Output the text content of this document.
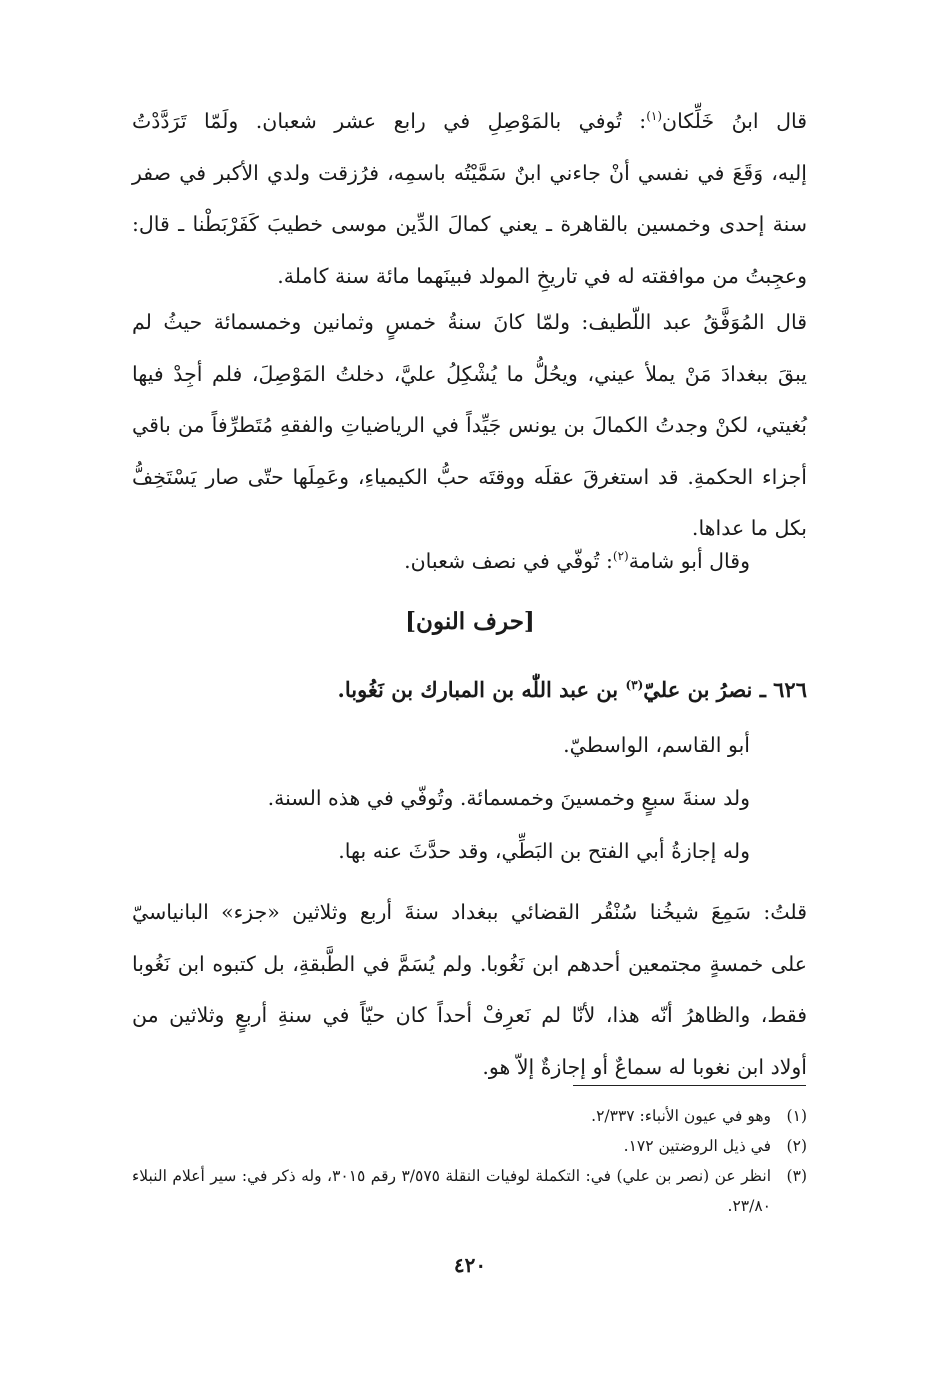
قال ابنُ خَلِّكان$^{(١)}$: تُوفي بالمَوْصِلِ في رابع عشر شعبان. ولَمّا تَرَدَّدْتُ
إليه، وَقَعَ في نفسي أنْ جاءني ابنٌ سَمَّيْتُه باسمِه، فرُزقت ولدي الأكبر في صفر
سنة إحدى وخمسين بالقاهرة ـ يعني كمالَ الدِّين موسى خطيبَ كَفَرْبَطْنا ـ قال:
وعجِبتُ من موافقته له في تاريخِ المولد فبينَهما مائة سنة كاملة.
قال المُوَفَّقُ عبد اللّطيف: ولمّا كانَ سنةُ خمسٍ وثمانين وخمسمائة حيثُ لم
يبقَ ببغدادَ مَنْ يملأ عيني، ويحُلُّ ما يُشْكِلُ عليَّ، دخلتُ المَوْصِلَ، فلم أجِدْ فيها
بُغيتي، لكنْ وجدتُ الكمالَ بن يونس جَيِّداً في الرياضياتِ والفقهِ مُتَطرِّفاً من باقي
أجزاء الحكمةِ. قد استغرقَ عقلَه ووقتَه حبُّ الكيمياءِ، وعَمِلَها حتّى صار يَسْتَخِفُّ
بكل ما عداها.
وقال أبو شامة$^{(٢)}$: تُوفّي في نصف شعبان.
[حرف النون]
٦٢٦ ـ نصرُ بن عليّ$^{(٣)}$ بن عبد اللّٰه بن المبارك بن نَغُوبا.
أبو القاسم، الواسطيّ.
ولد سنةَ سبعٍ وخمسينَ وخمسمائة. وتُوفّي في هذه السنة.
وله إجازةُ أبي الفتح بن البَطِّي، وقد حدَّثَ عنه بها.
قلتُ: سَمِعَ شيخُنا سُنْقُر القضائي ببغداد سنةَ أربع وثلاثين «جزء» البانياسيّ
على خمسةٍ مجتمعين أحدهم ابن نَغُوبا. ولم يُسَمَّ في الطَّبقةِ، بل كتبوه ابن نَغُوبا
فقط، والظاهرُ أنّه هذا، لأنّا لم نَعرِفْ أحداً كان حيّاً في سنةِ أربعٍ وثلاثين من
أولاد ابن نغوبا له سماعٌ أو إجازةٌ إلاّ هو.
(١)
وهو في عيون الأنباء: ٢/٣٣٧.
(٢)
في ذيل الروضتين ١٧٢.
(٣)
انظر عن (نصر بن علي) في: التكملة لوفيات النقلة ٣/٥٧٥ رقم ٣٠١٥، وله ذكر في: سير أعلام النبلاء ٢٣/٨٠.
٤٢٠
